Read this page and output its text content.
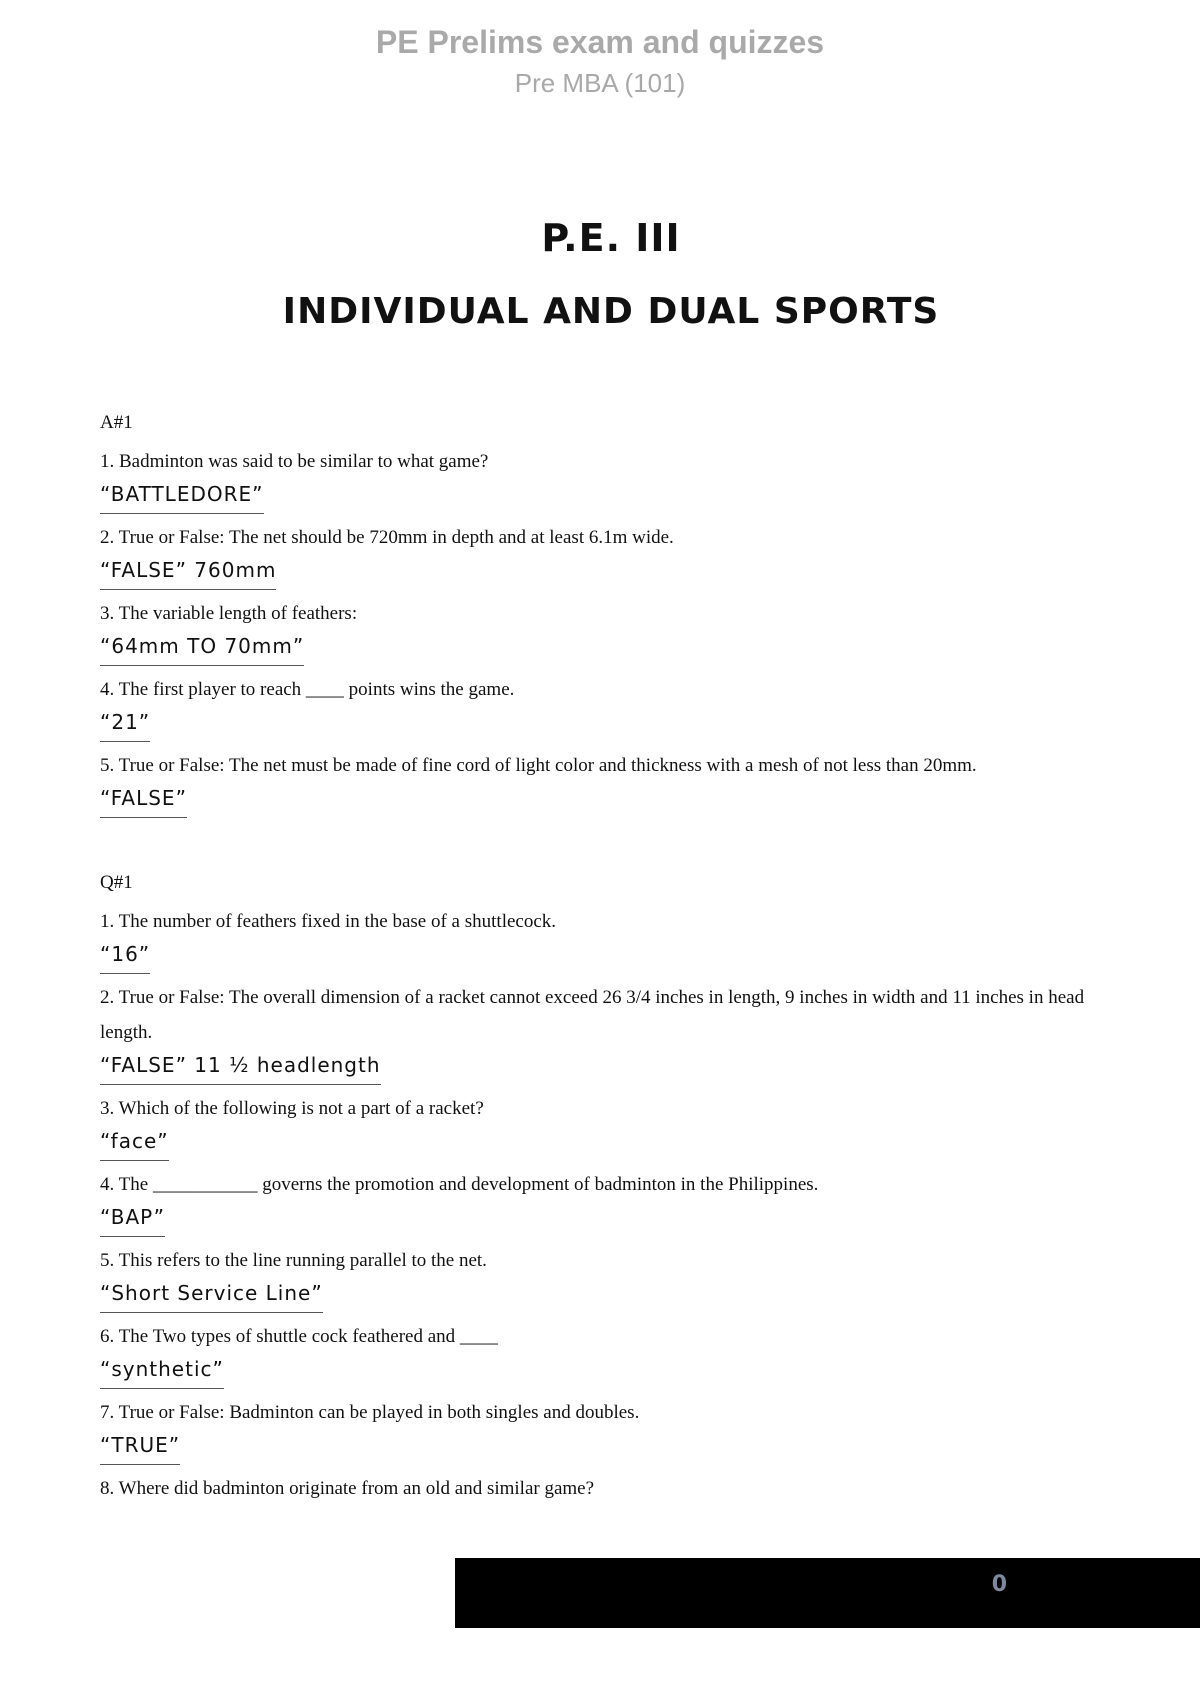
PE Prelims exam and quizzes
Pre MBA (101)
P.E. III
INDIVIDUAL AND DUAL SPORTS

A#1

1. Badminton was said to be similar to what game?

“BATTLEDORE”

2. True or False: The net should be 720mm in depth and at least 6.1m wide.

“FALSE” 760mm

3. The variable length of feathers:

“64mm TO 70mm”

4. The first player to reach ____ points wins the game.

“21”

5. True or False: The net must be made of fine cord of light color and thickness with a mesh of not less than 20mm.

“FALSE”

Q#1

1. The number of feathers fixed in the base of a shuttlecock.

“16”

2. True or False: The overall dimension of a racket cannot exceed 26 3/4 inches in length, 9 inches in width and 11 inches in head length.

“FALSE” 11 ½ headlength

3. Which of the following is not a part of a racket?

“face”

4. The ___________ governs the promotion and development of badminton in the Philippines.

“BAP”

5. This refers to the line running parallel to the net.

“Short Service Line”

6. The Two types of shuttle cock feathered and ____

“synthetic”

7. True or False: Badminton can be played in both singles and doubles.

“TRUE”

8. Where did badminton originate from an old and similar game?

0
